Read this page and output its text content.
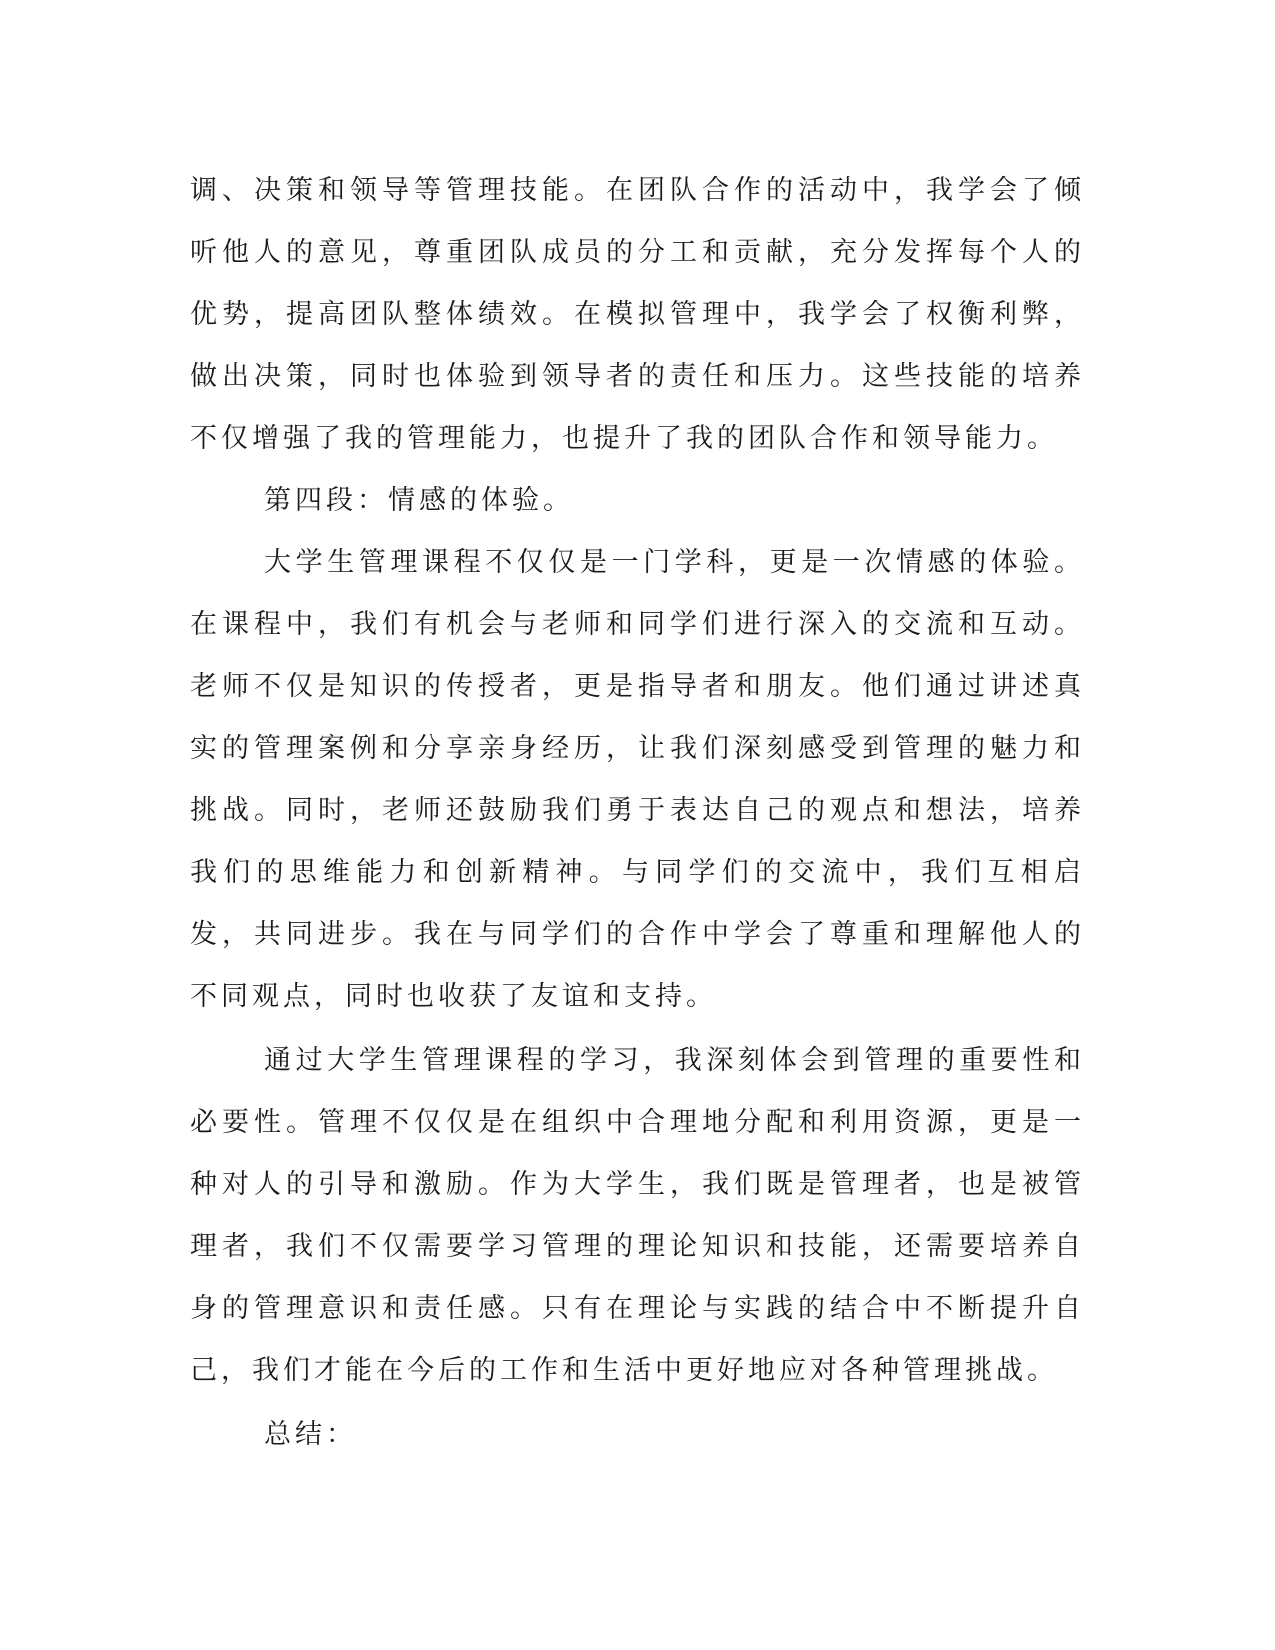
调、决策和领导等管理技能。在团队合作的活动中，我学会了倾听他人的意见，尊重团队成员的分工和贡献，充分发挥每个人的优势，提高团队整体绩效。在模拟管理中，我学会了权衡利弊，做出决策，同时也体验到领导者的责任和压力。这些技能的培养不仅增强了我的管理能力，也提升了我的团队合作和领导能力。

第四段：情感的体验。

大学生管理课程不仅仅是一门学科，更是一次情感的体验。在课程中，我们有机会与老师和同学们进行深入的交流和互动。老师不仅是知识的传授者，更是指导者和朋友。他们通过讲述真实的管理案例和分享亲身经历，让我们深刻感受到管理的魅力和挑战。同时，老师还鼓励我们勇于表达自己的观点和想法，培养我们的思维能力和创新精神。与同学们的交流中，我们互相启发，共同进步。我在与同学们的合作中学会了尊重和理解他人的不同观点，同时也收获了友谊和支持。

通过大学生管理课程的学习，我深刻体会到管理的重要性和必要性。管理不仅仅是在组织中合理地分配和利用资源，更是一种对人的引导和激励。作为大学生，我们既是管理者，也是被管理者，我们不仅需要学习管理的理论知识和技能，还需要培养自身的管理意识和责任感。只有在理论与实践的结合中不断提升自己，我们才能在今后的工作和生活中更好地应对各种管理挑战。

总结：
